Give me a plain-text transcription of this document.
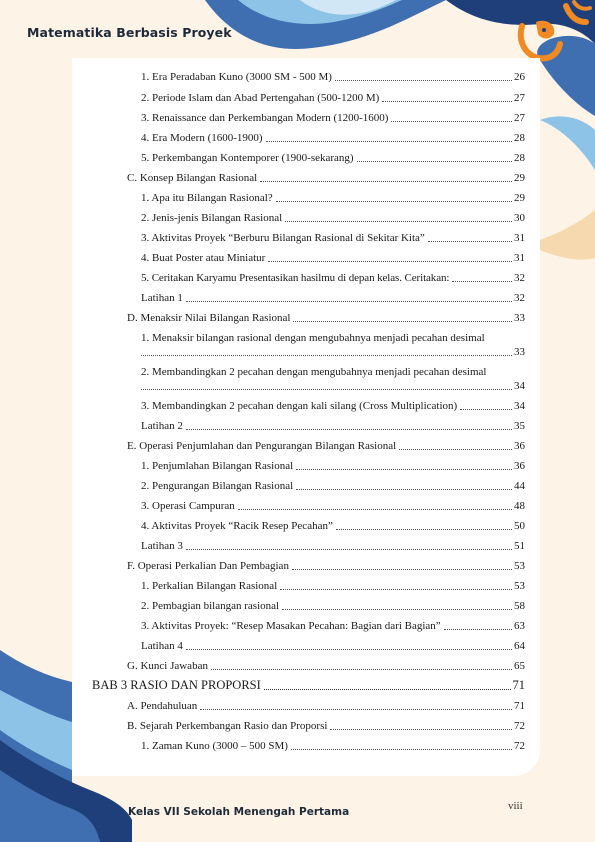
Matematika Berbasis Proyek
1. Era Peradaban Kuno (3000 SM - 500 M)	26
2. Periode Islam dan Abad Pertengahan (500-1200 M)	27
3. Renaissance dan Perkembangan Modern (1200-1600)	27
4. Era Modern (1600-1900)	28
5. Perkembangan Kontemporer (1900-sekarang)	28
C. Konsep Bilangan Rasional	29
1. Apa itu Bilangan Rasional?	29
2. Jenis-jenis Bilangan Rasional	30
3. Aktivitas Proyek “Berburu Bilangan Rasional di Sekitar Kita”	31
4. Buat Poster atau Miniatur	31
5. Ceritakan Karyamu Presentasikan hasilmu di depan kelas. Ceritakan:	32
Latihan 1	32
D. Menaksir Nilai Bilangan Rasional	33
1. Menaksir bilangan rasional dengan mengubahnya menjadi pecahan desimal
33
2. Membandingkan 2 pecahan dengan mengubahnya menjadi pecahan desimal
34
3. Membandingkan 2 pecahan dengan kali silang (Cross Multiplication)	34
Latihan 2	35
E. Operasi Penjumlahan dan Pengurangan Bilangan Rasional	36
1. Penjumlahan Bilangan Rasional	36
2. Pengurangan Bilangan Rasional	44
3. Operasi Campuran	48
4. Aktivitas Proyek “Racik Resep Pecahan”	50
Latihan 3	51
F. Operasi Perkalian Dan Pembagian	53
1. Perkalian Bilangan Rasional	53
2. Pembagian bilangan rasional	58
3. Aktivitas Proyek: “Resep Masakan Pecahan: Bagian dari Bagian”	63
Latihan 4	64
G. Kunci Jawaban	65
BAB 3 RASIO DAN PROPORSI	71
A. Pendahuluan	71
B. Sejarah Perkembangan Rasio dan Proporsi	72
1. Zaman Kuno (3000 – 500 SM)	72
Kelas VII Sekolah Menengah Pertama	viii
